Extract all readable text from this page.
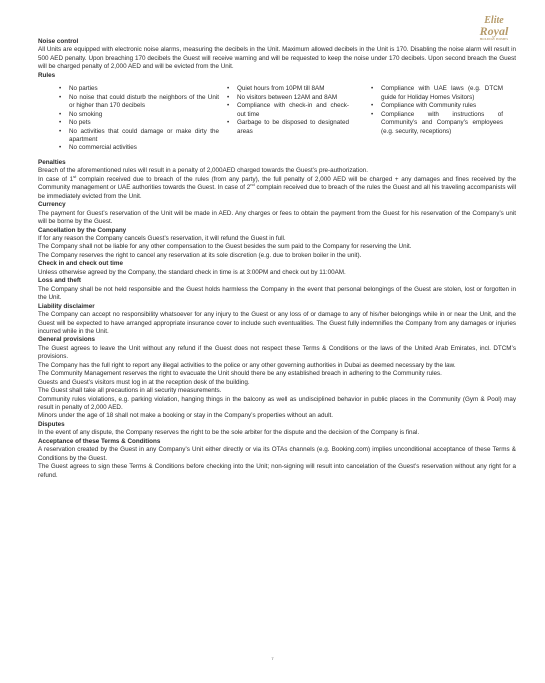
Elite
Royal
HOLIDAY HOMES
Noise control
All Units are equipped with electronic noise alarms, measuring the decibels in the Unit. Maximum allowed decibels in the Unit is 170. Disabling the noise alarm will result in 500 AED penalty. Upon breaching 170 decibels the Guest will receive warning and will be requested to keep the noise under 170 decibels. Upon second breach the Guest will be charged penalty of 2,000 AED and will be evicted from the Unit.
Rules
• No parties
• No noise that could disturb the neighbors of the Unit or higher than 170 decibels
• No smoking
• No pets
• No activities that could damage or make dirty the apartment
• No commercial activities
• Quiet hours from 10PM till 8AM
• No visitors between 12AM and 8AM
• Compliance with check-in and check-out time
• Garbage to be disposed to designated areas
• Compliance with UAE laws (e.g. DTCM guide for Holiday Homes Visitors)
• Compliance with Community rules
• Compliance with instructions of Community’s and Company’s employees (e.g. security, receptions)
Penalties
Breach of the aforementioned rules will result in a penalty of 2,000AED charged towards the Guest’s pre-authorization.
In case of 1st complain received due to breach of the rules (from any party), the full penalty of 2,000 AED will be charged + any damages and fines received by the Community management or UAE authorities towards the Guest. In case of 2nd complain received due to breach of the rules the Guest and all his traveling accompanists will be immediately evicted from the Unit.
Currency
The payment for Guest’s reservation of the Unit will be made in AED. Any charges or fees to obtain the payment from the Guest for his reservation of the Company’s unit will be borne by the Guest.
Cancellation by the Company
If for any reason the Company cancels Guest’s reservation, it will refund the Guest in full.
The Company shall not be liable for any other compensation to the Guest besides the sum paid to the Company for reserving the Unit.
The Company reserves the right to cancel any reservation at its sole discretion (e.g. due to broken boiler in the unit).
Check in and check out time
Unless otherwise agreed by the Company, the standard check in time is at 3:00PM and check out by 11:00AM.
Loss and theft
The Company shall be not held responsible and the Guest holds harmless the Company in the event that personal belongings of the Guest are stolen, lost or forgotten in the Unit.
Liability disclaimer
The Company can accept no responsibility whatsoever for any injury to the Guest or any loss of or damage to any of his/her belongings while in or near the Unit, and the Guest will be expected to have arranged appropriate insurance cover to include such eventualities. The Guest fully indemnifies the Company from any damages or injuries incurred while in the Unit.
General provisions
The Guest agrees to leave the Unit without any refund if the Guest does not respect these Terms & Conditions or the laws of the United Arab Emirates, incl. DTCM’s provisions.
The Company has the full right to report any illegal activities to the police or any other governing authorities in Dubai as deemed necessary by the law.
The Community Management reserves the right to evacuate the Unit should there be any established breach in adhering to the Community rules.
Guests and Guest’s visitors must log in at the reception desk of the building.
The Guest shall take all precautions in all security measurements.
Community rules violations, e.g. parking violation, hanging things in the balcony as well as undisciplined behavior in public places in the Community (Gym & Pool) may result in penalty of 2,000 AED.
Minors under the age of 18 shall not make a booking or stay in the Company’s properties without an adult.
Disputes
In the event of any dispute, the Company reserves the right to be the sole arbiter for the dispute and the decision of the Company is final.
Acceptance of these Terms & Conditions
A reservation created by the Guest in any Company’s Unit either directly or via its OTAs channels (e.g. Booking.com) implies unconditional acceptance of these Terms & Conditions by the Guest.
The Guest agrees to sign these Terms & Conditions before checking into the Unit; non-signing will result into cancelation of the Guest’s reservation without any right for a refund.
7
